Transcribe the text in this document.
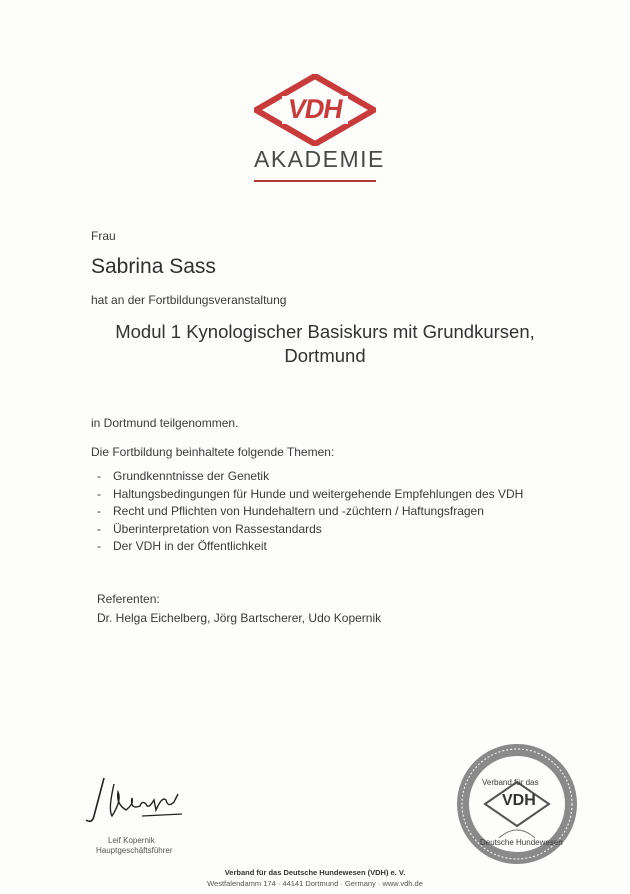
VDH
AKADEMIE
Frau
Sabrina Sass
hat an der Fortbildungsveranstaltung
Modul 1 Kynologischer Basiskurs mit Grundkursen,
Dortmund
in Dortmund teilgenommen.
Die Fortbildung beinhaltete folgende Themen:
- Grundkenntnisse der Genetik
- Haltungsbedingungen für Hunde und weitergehende Empfehlungen des VDH
- Recht und Pflichten von Hundehaltern und -züchtern / Haftungsfragen
- Überinterpretation von Rassestandards
- Der VDH in der Öffentlichkeit
Referenten:
Dr. Helga Eichelberg, Jörg Bartscherer, Udo Kopernik
Leif Kopernik
Hauptgeschäftsführer
Verband für das
VDH
Deutsche Hundewesen
Verband für das Deutsche Hundewesen (VDH) e. V.
Westfalendamm 174 · 44141 Dortmund · Germany · www.vdh.de
